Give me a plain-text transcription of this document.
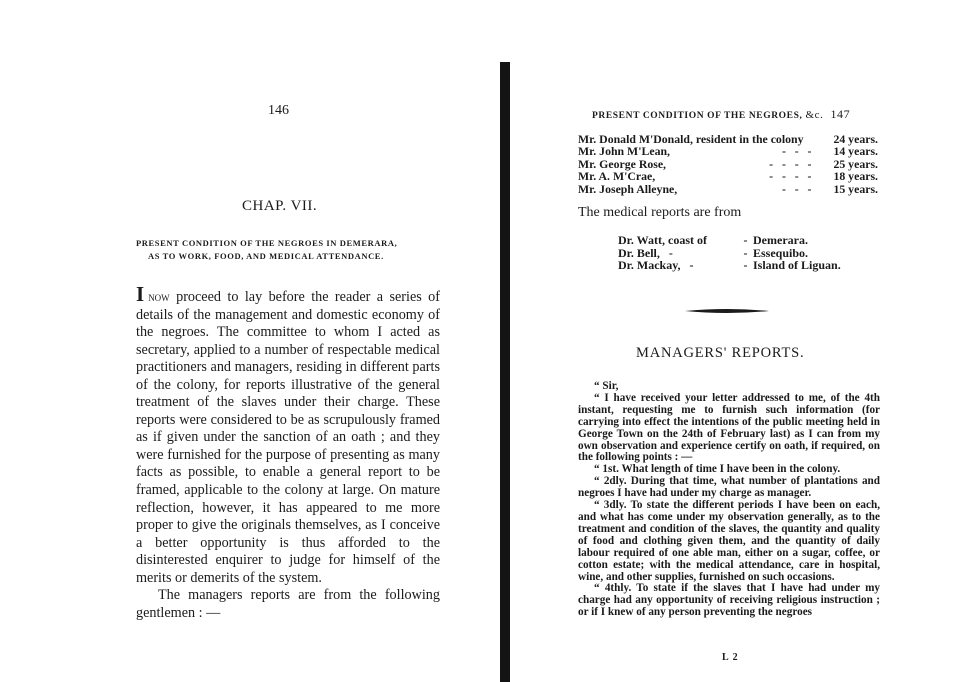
146
CHAP. VII.
PRESENT CONDITION OF THE NEGROES IN DEMERARA,
AS TO WORK, FOOD, AND MEDICAL ATTENDANCE.

Inow proceed to lay before the reader a series of details of the management and domestic economy of the negroes. The committee to whom I acted as secretary, applied to a number of respectable medical practitioners and managers, residing in different parts of the colony, for reports illustrative of the general treatment of the slaves under their charge. These reports were considered to be as scrupulously framed as if given under the sanction of an oath ; and they were furnished for the purpose of presenting as many facts as possible, to enable a general report to be framed, applicable to the colony at large. On mature reflection, however, it has appeared to me more proper to give the originals themselves, as I conceive a better opportunity is thus afforded to the disinterested enquirer to judge for himself of the merits or demerits of the system.

The managers reports are from the following gentlemen : —

PRESENT CONDITION OF THE NEGROES, &c. 147
Mr. Donald M'Donald, resident in the colony	24 years.
Mr. John M'Lean,	-   -   - 14 years.
Mr. George Rose,	-   -   -   - 25 years.
Mr. A. M'Crae,	-   -   -   - 18 years.
Mr. Joseph Alleyne,	-   -   - 15 years.
The medical reports are from
Dr. Watt, coast of	- Demerara.
Dr. Bell,   -	- Essequibo.
Dr. Mackay,   -	- Island of Liguan.
MANAGERS' REPORTS.

“ Sir,

“ I have received your letter addressed to me, of the 4th instant, requesting me to furnish such information (for carrying into effect the intentions of the public meeting held in George Town on the 24th of February last) as I can from my own observation and experience certify on oath, if required, on the following points : —

“ 1st. What length of time I have been in the colony.

“ 2dly. During that time, what number of plantations and negroes I have had under my charge as manager.

“ 3dly. To state the different periods I have been on each, and what has come under my observation generally, as to the treatment and condition of the slaves, the quantity and quality of food and clothing given them, and the quantity of daily labour required of one able man, either on a sugar, coffee, or cotton estate; with the medical attendance, care in hospital, wine, and other supplies, furnished on such occasions.

“ 4thly. To state if the slaves that I have had under my charge had any opportunity of receiving religious instruction ; or if I knew of any person preventing the negroes

L 2
